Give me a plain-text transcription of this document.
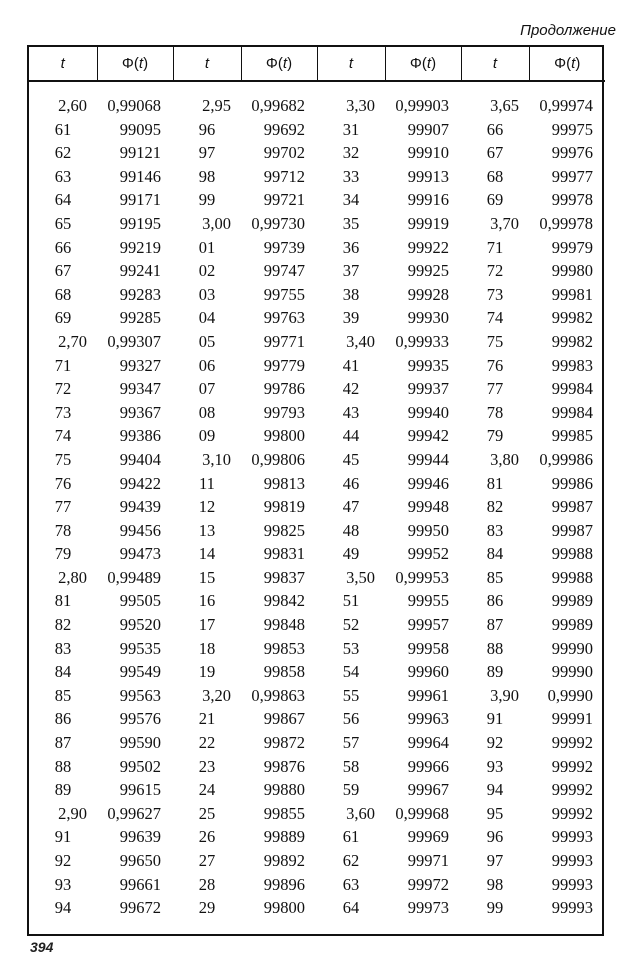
Продолжение
t	Φ(t)	t	Φ(t)	t	Φ(t)	t	Φ(t)
2,60	0,99068	2,95	0,99682	3,30	0,99903	3,65	0,99974
61	99095	96	99692	31	99907	66	99975
62	99121	97	99702	32	99910	67	99976
63	99146	98	99712	33	99913	68	99977
64	99171	99	99721	34	99916	69	99978
65	99195	3,00	0,99730	35	99919	3,70	0,99978
66	99219	01	99739	36	99922	71	99979
67	99241	02	99747	37	99925	72	99980
68	99283	03	99755	38	99928	73	99981
69	99285	04	99763	39	99930	74	99982
2,70	0,99307	05	99771	3,40	0,99933	75	99982
71	99327	06	99779	41	99935	76	99983
72	99347	07	99786	42	99937	77	99984
73	99367	08	99793	43	99940	78	99984
74	99386	09	99800	44	99942	79	99985
75	99404	3,10	0,99806	45	99944	3,80	0,99986
76	99422	11	99813	46	99946	81	99986
77	99439	12	99819	47	99948	82	99987
78	99456	13	99825	48	99950	83	99987
79	99473	14	99831	49	99952	84	99988
2,80	0,99489	15	99837	3,50	0,99953	85	99988
81	99505	16	99842	51	99955	86	99989
82	99520	17	99848	52	99957	87	99989
83	99535	18	99853	53	99958	88	99990
84	99549	19	99858	54	99960	89	99990
85	99563	3,20	0,99863	55	99961	3,90	0,9990
86	99576	21	99867	56	99963	91	99991
87	99590	22	99872	57	99964	92	99992
88	99502	23	99876	58	99966	93	99992
89	99615	24	99880	59	99967	94	99992
2,90	0,99627	25	99855	3,60	0,99968	95	99992
91	99639	26	99889	61	99969	96	99993
92	99650	27	99892	62	99971	97	99993
93	99661	28	99896	63	99972	98	99993
94	99672	29	99800	64	99973	99	99993
394
